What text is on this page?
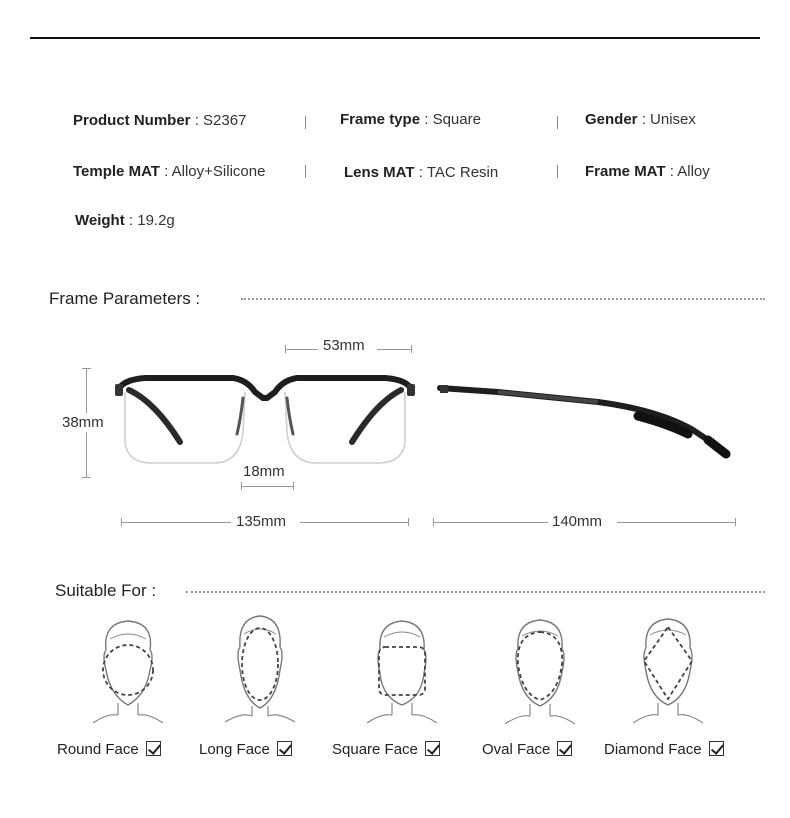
Product Number : S2367	Frame type : Square	Gender : Unisex
Temple MAT : Alloy+Silicone	Lens MAT : TAC Resin	Frame MAT : Alloy
Weight : 19.2g
Frame Parameters :
53mm
38mm
18mm
135mm	140mm
Suitable For :
Round Face	Long Face	Square Face	Oval Face	Diamond Face
